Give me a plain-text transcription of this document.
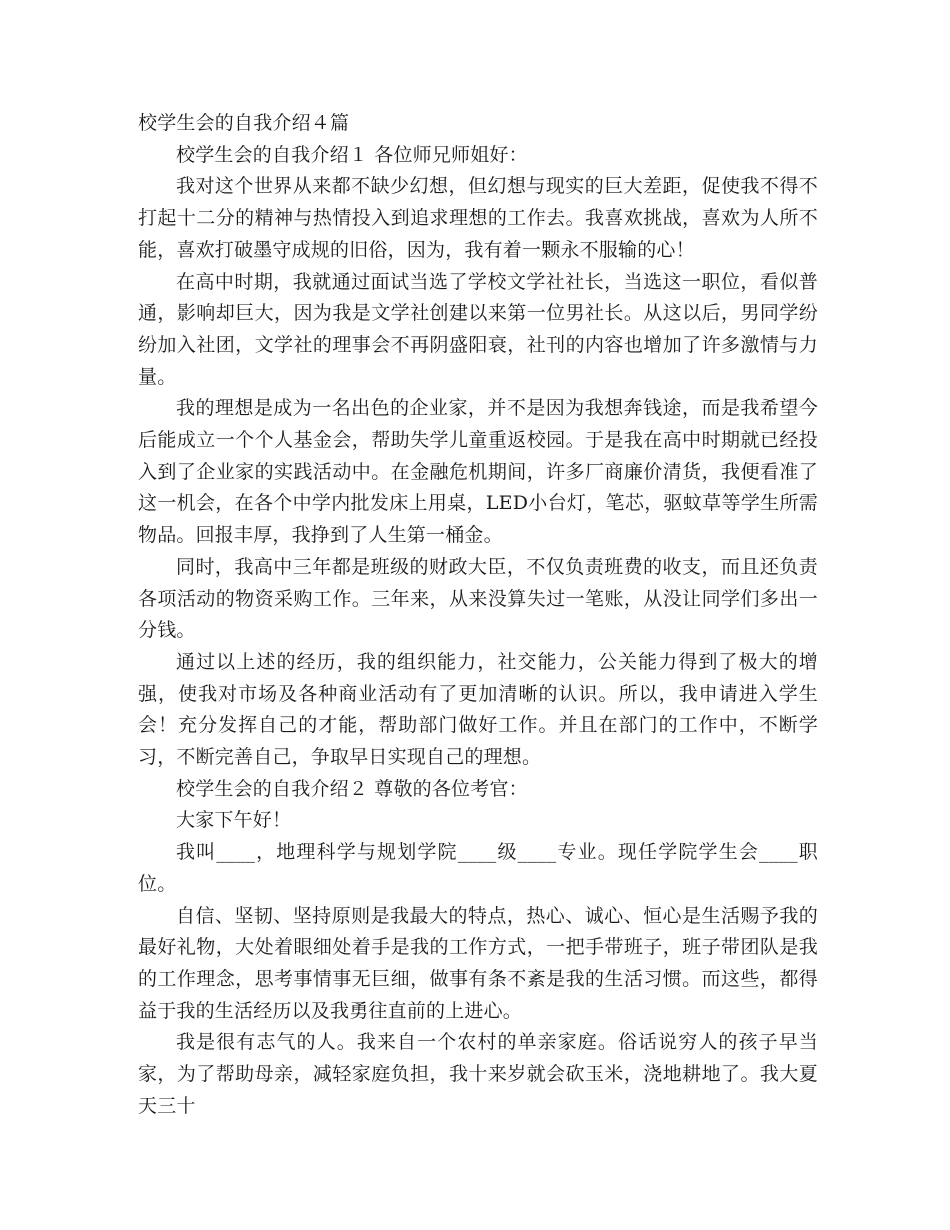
校学生会的自我介绍４篇

校学生会的自我介绍１ 各位师兄师姐好：

我对这个世界从来都不缺少幻想，但幻想与现实的巨大差距，促使我不得不打起十二分的精神与热情投入到追求理想的工作去。我喜欢挑战，喜欢为人所不能，喜欢打破墨守成规的旧俗，因为，我有着一颗永不服输的心！

在高中时期，我就通过面试当选了学校文学社社长，当选这一职位，看似普通，影响却巨大，因为我是文学社创建以来第一位男社长。从这以后，男同学纷纷加入社团，文学社的理事会不再阴盛阳衰，社刊的内容也增加了许多激情与力量。

我的理想是成为一名出色的企业家，并不是因为我想奔钱途，而是我希望今后能成立一个个人基金会，帮助失学儿童重返校园。于是我在高中时期就已经投入到了企业家的实践活动中。在金融危机期间，许多厂商廉价清货，我便看准了这一机会，在各个中学内批发床上用桌，LED小台灯，笔芯，驱蚊草等学生所需物品。回报丰厚，我挣到了人生第一桶金。

同时，我高中三年都是班级的财政大臣，不仅负责班费的收支，而且还负责各项活动的物资采购工作。三年来，从来没算失过一笔账，从没让同学们多出一分钱。

通过以上述的经历，我的组织能力，社交能力，公关能力得到了极大的增强，使我对市场及各种商业活动有了更加清晰的认识。所以，我申请进入学生会！充分发挥自己的才能，帮助部门做好工作。并且在部门的工作中，不断学习，不断完善自己，争取早日实现自己的理想。

校学生会的自我介绍２ 尊敬的各位考官：

大家下午好！

我叫____，地理科学与规划学院____级____专业。现任学院学生会____职位。

自信、坚韧、坚持原则是我最大的特点，热心、诚心、恒心是生活赐予我的最好礼物，大处着眼细处着手是我的工作方式，一把手带班子，班子带团队是我的工作理念，思考事情事无巨细，做事有条不紊是我的生活习惯。而这些，都得益于我的生活经历以及我勇往直前的上进心。

我是很有志气的人。我来自一个农村的单亲家庭。俗话说穷人的孩子早当家，为了帮助母亲，减轻家庭负担，我十来岁就会砍玉米，浇地耕地了。我大夏天三十
